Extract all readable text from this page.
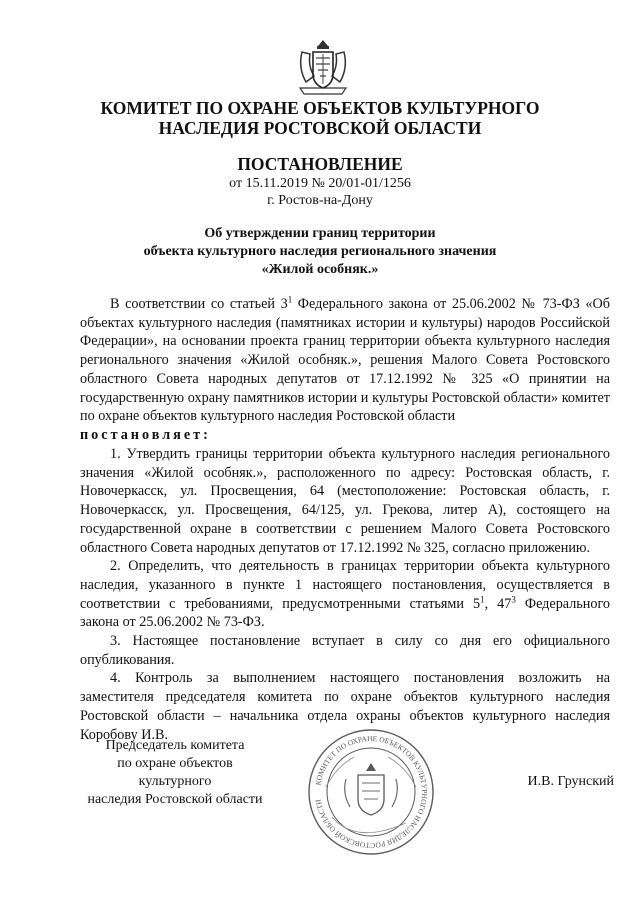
КОМИТЕТ ПО ОХРАНЕ ОБЪЕКТОВ КУЛЬТУРНОГО
НАСЛЕДИЯ РОСТОВСКОЙ ОБЛАСТИ
ПОСТАНОВЛЕНИЕ
от 15.11.2019 № 20/01-01/1256
г. Ростов-на-Дону
Об утверждении границ территории
объекта культурного наследия регионального значения
«Жилой особняк.»

В соответствии со статьей $3^1$ Федерального закона от 25.06.2002 № 73-ФЗ «Об объектах культурного наследия (памятниках истории и культуры) народов Российской Федерации», на основании проекта границ территории объекта культурного наследия регионального значения «Жилой особняк.», решения Малого Совета Ростовского областного Совета народных депутатов от 17.12.1992 № 325 «О принятии на государственную охрану памятников истории и культуры Ростовской области» комитет по охране объектов культурного наследия Ростовской области
постановляет:

1. Утвердить границы территории объекта культурного наследия регионального значения «Жилой особняк.», расположенного по адресу: Ростовская область, г. Новочеркасск, ул. Просвещения, 64 (местоположение: Ростовская область, г. Новочеркасск, ул. Просвещения, 64/125, ул. Грекова, литер А), состоящего на государственной охране в соответствии с решением Малого Совета Ростовского областного Совета народных депутатов от 17.12.1992 № 325, согласно приложению.

2. Определить, что деятельность в границах территории объекта культурного наследия, указанного в пункте 1 настоящего постановления, осуществляется в соответствии с требованиями, предусмотренными статьями $5^1$, $47^3$ Федерального закона от 25.06.2002 № 73-ФЗ.

3. Настоящее постановление вступает в силу со дня его официального опубликования.

4. Контроль за выполнением настоящего постановления возложить на заместителя председателя комитета по охране объектов культурного наследия Ростовской области – начальника отдела охраны объектов культурного наследия Коробову И.В.

Председатель комитета
по охране объектов культурного
наследия Ростовской области
КОМИТЕТ ПО ОХРАНЕ ОБЪЕКТОВ КУЛЬТУРНОГО НАСЛЕДИЯ РОСТОВСКОЙ ОБЛАСТИ
И.В. Грунский
